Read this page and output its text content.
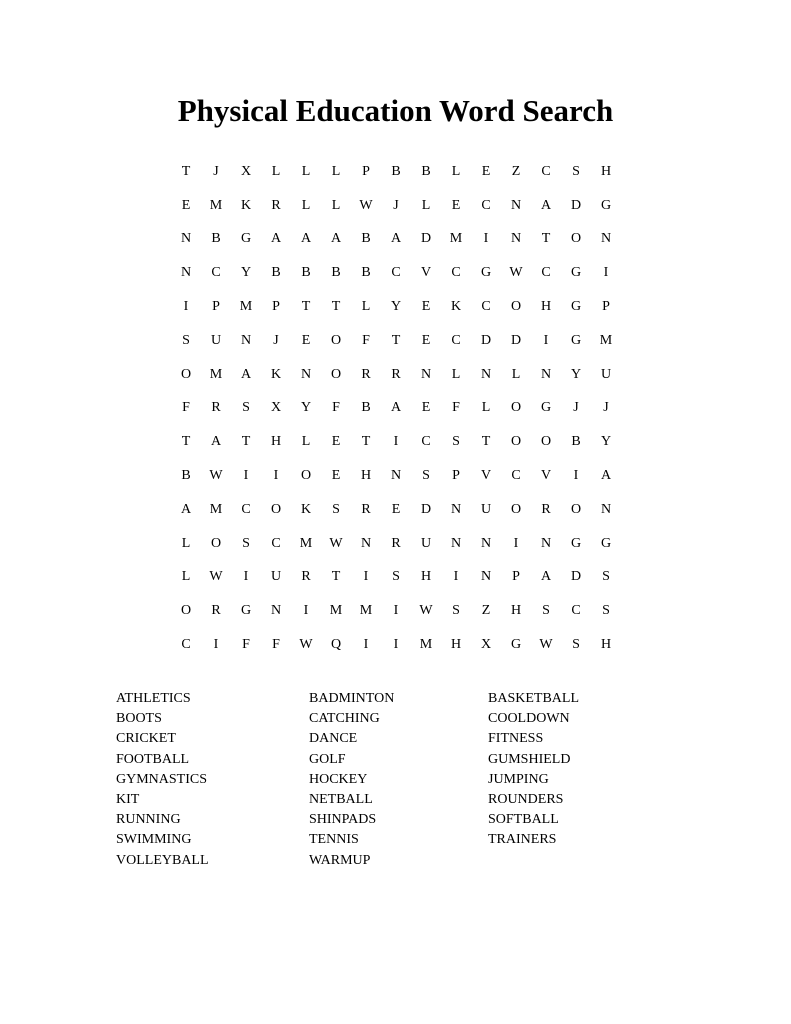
Physical Education Word Search
T	J	X	L	L	L	P	B	B	L	E	Z	C	S	H
E	M	K	R	L	L	W	J	L	E	C	N	A	D	G
N	B	G	A	A	A	B	A	D	M	I	N	T	O	N
N	C	Y	B	B	B	B	C	V	C	G	W	C	G	I
I	P	M	P	T	T	L	Y	E	K	C	O	H	G	P
S	U	N	J	E	O	F	T	E	C	D	D	I	G	M
O	M	A	K	N	O	R	R	N	L	N	L	N	Y	U
F	R	S	X	Y	F	B	A	E	F	L	O	G	J	J
T	A	T	H	L	E	T	I	C	S	T	O	O	B	Y
B	W	I	I	O	E	H	N	S	P	V	C	V	I	A
A	M	C	O	K	S	R	E	D	N	U	O	R	O	N
L	O	S	C	M	W	N	R	U	N	N	I	N	G	G
L	W	I	U	R	T	I	S	H	I	N	P	A	D	S
O	R	G	N	I	M	M	I	W	S	Z	H	S	C	S
C	I	F	F	W	Q	I	I	M	H	X	G	W	S	H
ATHLETICS
BOOTS
CRICKET
FOOTBALL
GYMNASTICS
KIT
RUNNING
SWIMMING
VOLLEYBALL
BADMINTON
CATCHING
DANCE
GOLF
HOCKEY
NETBALL
SHINPADS
TENNIS
WARMUP
BASKETBALL
COOLDOWN
FITNESS
GUMSHIELD
JUMPING
ROUNDERS
SOFTBALL
TRAINERS
